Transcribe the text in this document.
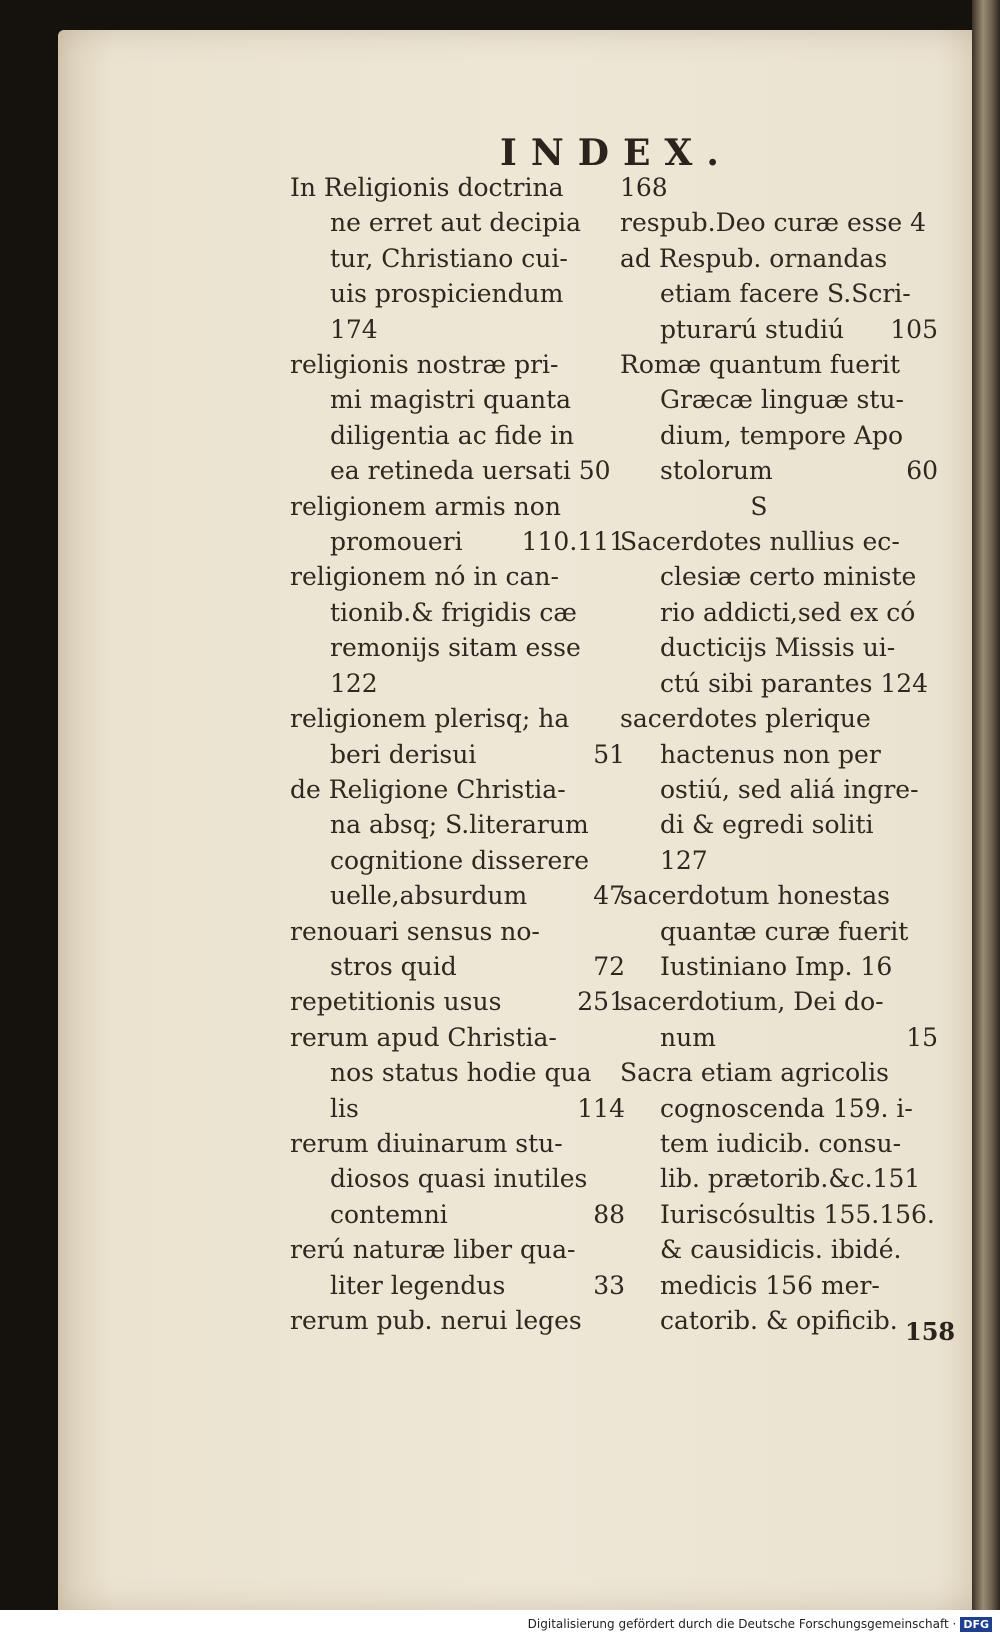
INDEX.
In Religionis doctrina
ne erret aut decipia
tur, Christiano cui-
uis prospiciendum
174
religionis nostræ pri-
mi magistri quanta
diligentia ac fide in
ea retineda uersati 50
religionem armis non
promoueri 110.111
religionem nó in can-
tionib.& frigidis cæ
remonijs sitam esse
122
religionem plerisq; ha
beri derisui	51
de Religione Christia-
na absq; S.literarum
cognitione disserere
uelle,absurdum	47
renouari sensus no-
stros quid	72
repetitionis usus	251
rerum apud Christia-
nos status hodie qua
lis	114
rerum diuinarum stu-
diosos quasi inutiles
contemni	88
rerú naturæ liber qua-
liter legendus	33
rerum pub. nerui leges
168
respub.Deo curæ esse 4
ad Respub. ornandas
etiam facere S.Scri-
pturarú studiú 105
Romæ quantum fuerit
Græcæ linguæ stu-
dium, tempore Apo
stolorum	60
S
Sacerdotes nullius ec-
clesiæ certo ministe
rio addicti,sed ex có
ducticijs Missis ui-
ctú sibi parantes 124
sacerdotes plerique
hactenus non per
ostiú, sed aliá ingre-
di & egredi soliti
127
sacerdotum honestas
quantæ curæ fuerit
Iustiniano Imp. 16
sacerdotium, Dei do-
num	15
Sacra etiam agricolis
cognoscenda 159. i-
tem iudicib. consu-
lib. prætorib.&c.151
Iuriscósultis 155.156.
& causidicis. ibidé.
medicis 156 mer-
catorib. & opificib. 158
Digitalisierung gefördert durch die Deutsche Forschungsgemeinschaft · DFG
